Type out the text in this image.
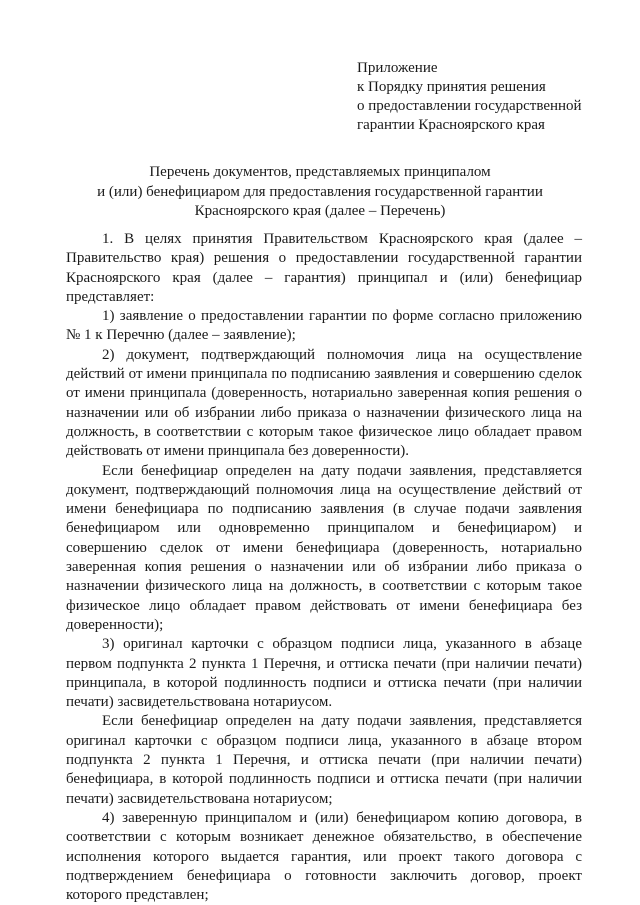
Приложение
к Порядку принятия решения
о предоставлении государственной
гарантии Красноярского края
Перечень документов, представляемых принципалом
и (или) бенефициаром для предоставления государственной гарантии
Красноярского края (далее – Перечень)

1. В целях принятия Правительством Красноярского края (далее – Правительство края) решения о предоставлении государственной гарантии Красноярского края (далее – гарантия) принципал и (или) бенефициар представляет:

1) заявление о предоставлении гарантии по форме согласно приложению № 1 к Перечню (далее – заявление);

2) документ, подтверждающий полномочия лица на осуществление действий от имени принципала по подписанию заявления и совершению сделок от имени принципала (доверенность, нотариально заверенная копия решения о назначении или об избрании либо приказа о назначении физического лица на должность, в соответствии с которым такое физическое лицо обладает правом действовать от имени принципала без доверенности).

Если бенефициар определен на дату подачи заявления, представляется документ, подтверждающий полномочия лица на осуществление действий от имени бенефициара по подписанию заявления (в случае подачи заявления бенефициаром или одновременно принципалом и бенефициаром) и совершению сделок от имени бенефициара (доверенность, нотариально заверенная копия решения о назначении или об избрании либо приказа о назначении физического лица на должность, в соответствии с которым такое физическое лицо обладает правом действовать от имени бенефициара без доверенности);

3) оригинал карточки с образцом подписи лица, указанного в абзаце первом подпункта 2 пункта 1 Перечня, и оттиска печати (при наличии печати) принципала, в которой подлинность подписи и оттиска печати (при наличии печати) засвидетельствована нотариусом.

Если бенефициар определен на дату подачи заявления, представляется оригинал карточки с образцом подписи лица, указанного в абзаце втором подпункта 2 пункта 1 Перечня, и оттиска печати (при наличии печати) бенефициара, в которой подлинность подписи и оттиска печати (при наличии печати) засвидетельствована нотариусом;

4) заверенную принципалом и (или) бенефициаром копию договора, в соответствии с которым возникает денежное обязательство, в обеспечение исполнения которого выдается гарантия, или проект такого договора с подтверждением бенефициара о готовности заключить договор, проект которого представлен;
